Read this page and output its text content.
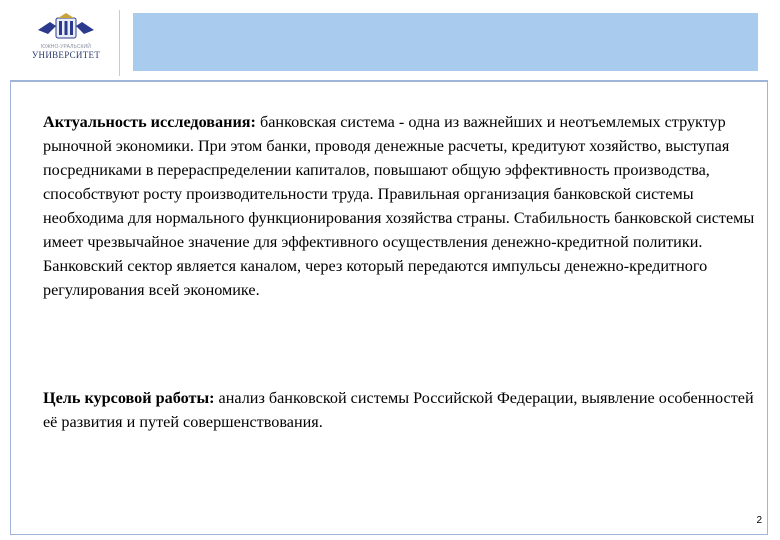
ЮЖНО-УРАЛЬСКИЙ
УНИВЕРСИТЕТ

Актуальность исследования: банковская система - одна из важнейших и неотъемлемых структур рыночной экономики. При этом банки, проводя денежные расчеты, кредитуют хозяйство, выступая посредниками в перераспределении капиталов, повышают общую эффективность производства, способствуют росту производительности труда. Правильная организация банковской системы необходима для нормального функционирования хозяйства страны. Стабильность банковской системы имеет чрезвычайное значение для эффективного осуществления денежно-кредитной политики. Банковский сектор является каналом, через который передаются импульсы денежно-кредитного регулирования всей экономике.

Цель курсовой работы: анализ банковской системы Российской Федерации, выявление особенностей её развития и путей совершенствования.

2
